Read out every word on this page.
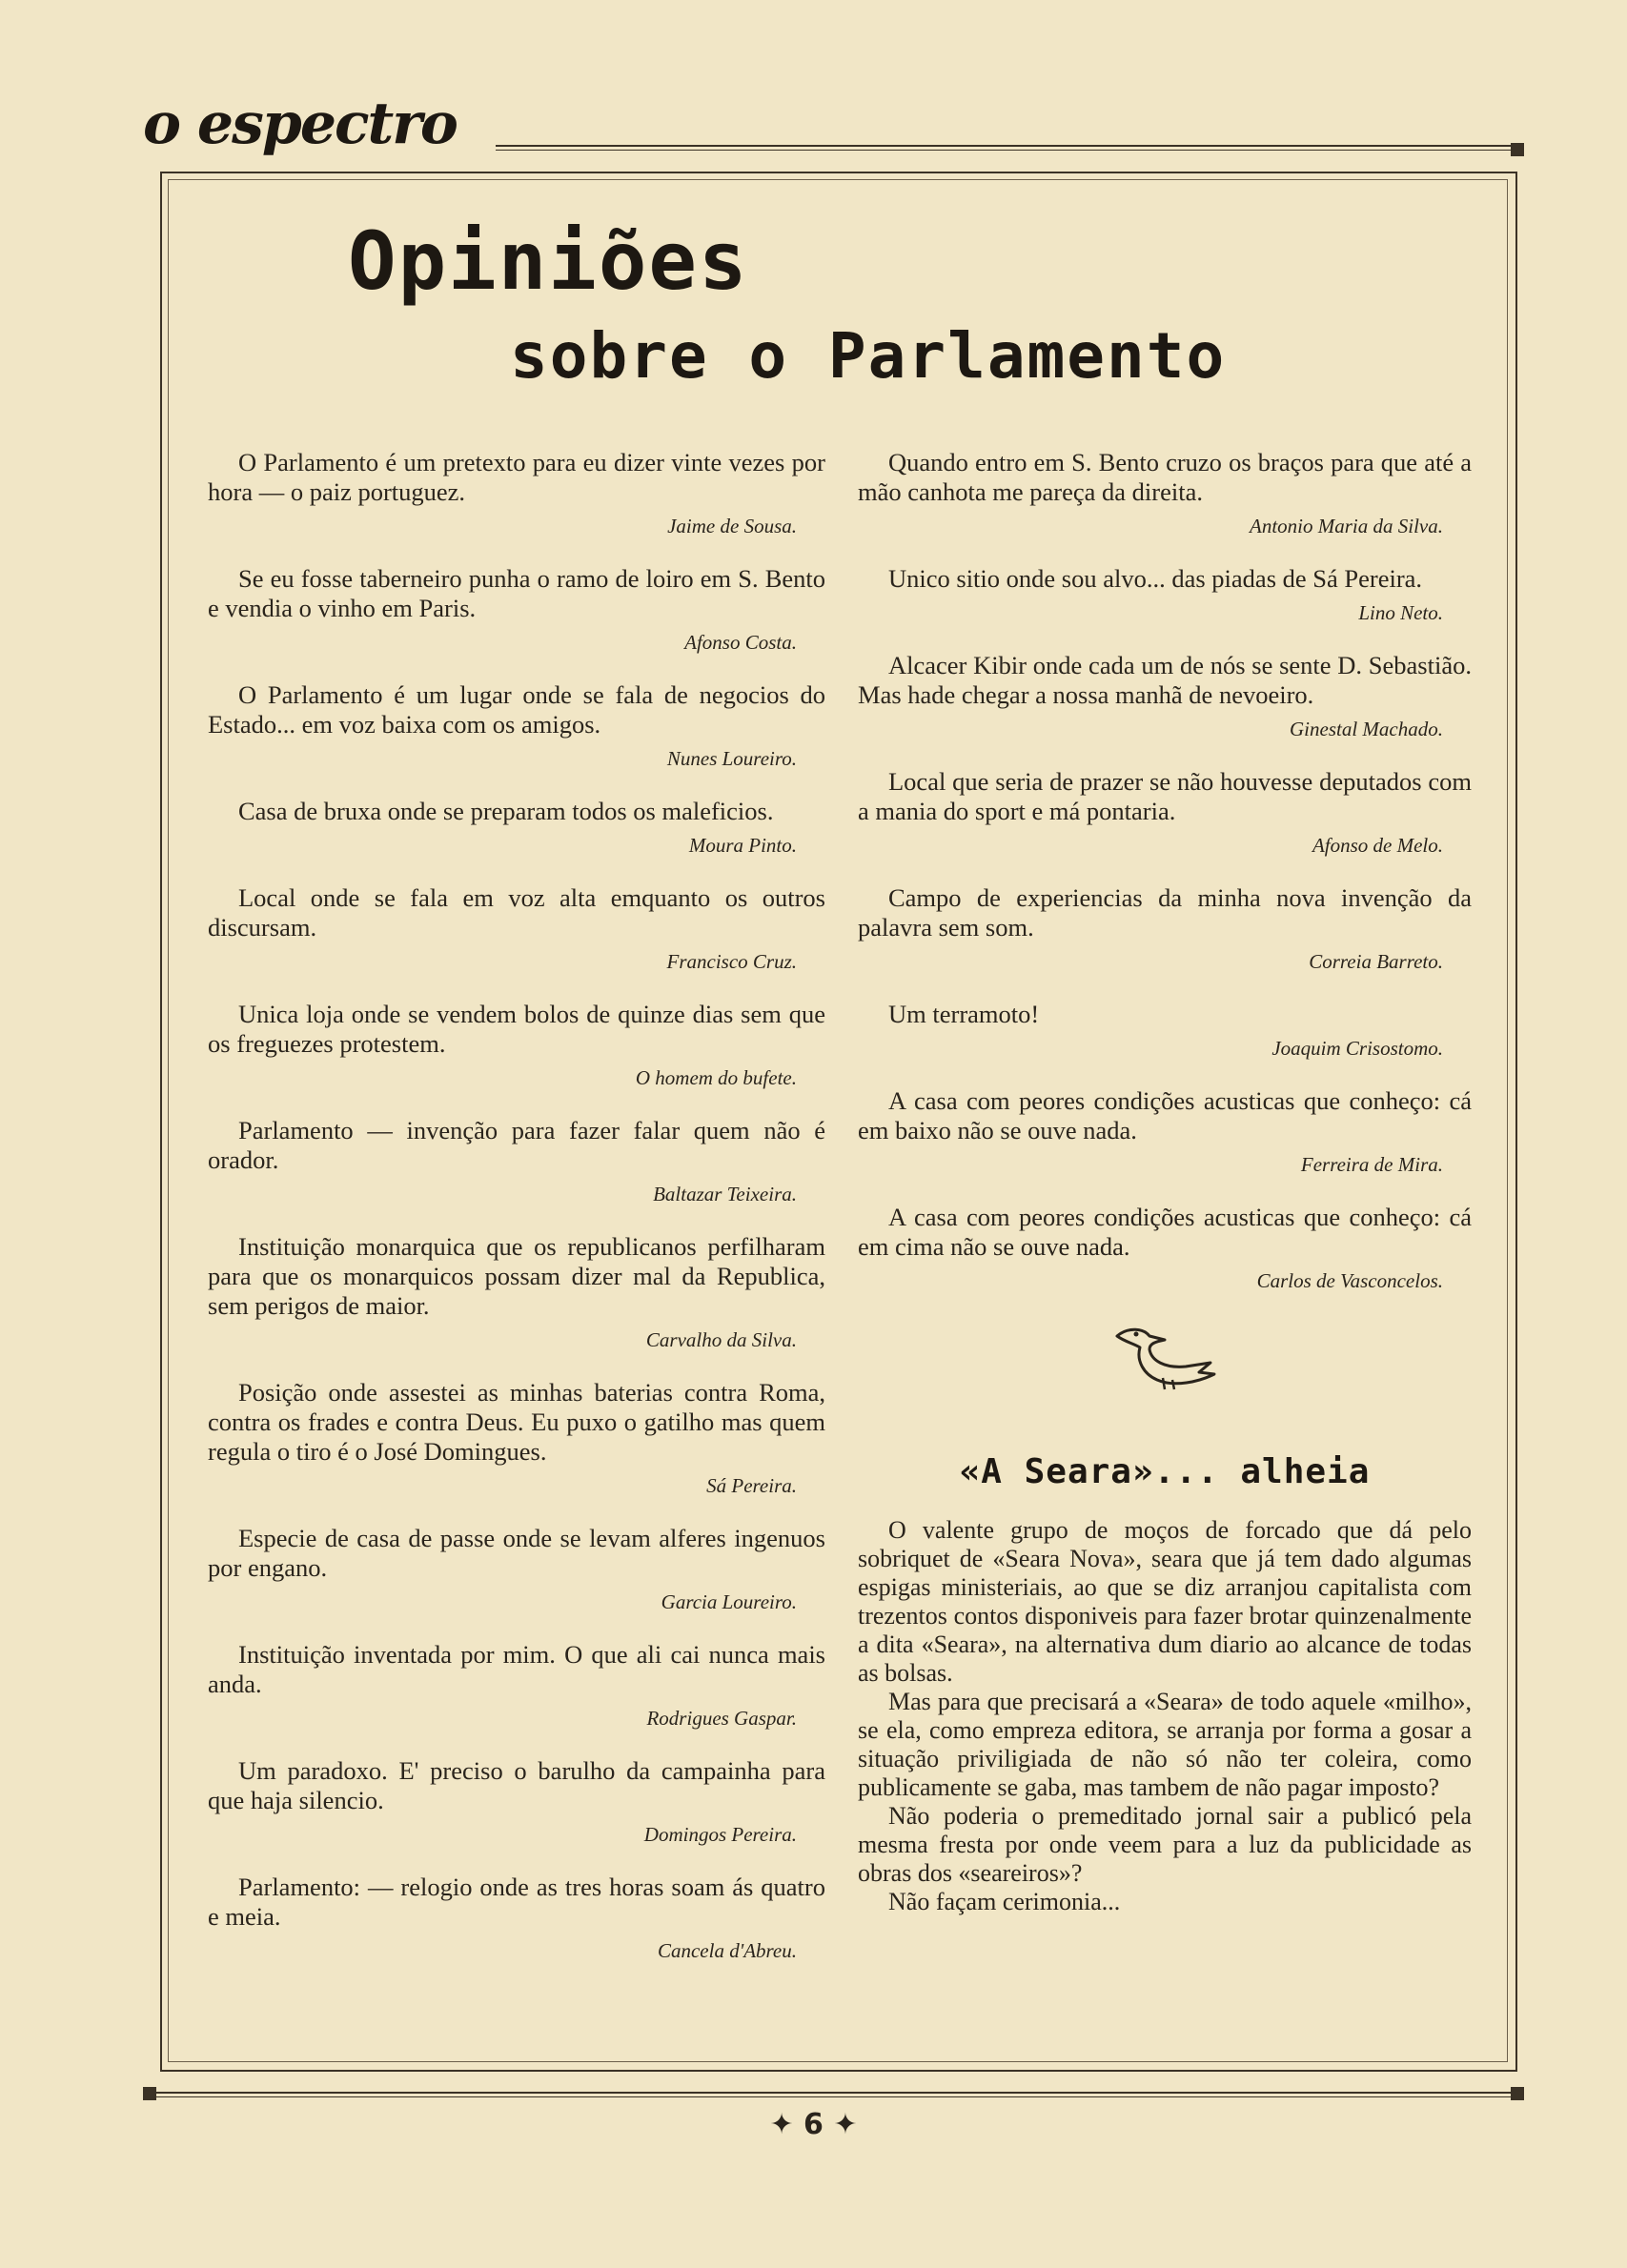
o espectro
Opiniões
sobre o Parlamento

O Parlamento é um pretexto para eu dizer vinte vezes por hora — o paiz portuguez.

Jaime de Sousa.

Se eu fosse taberneiro punha o ramo de loiro em S. Bento e vendia o vinho em Paris.

Afonso Costa.

O Parlamento é um lugar onde se fala de negocios do Estado... em voz baixa com os amigos.

Nunes Loureiro.

Casa de bruxa onde se preparam todos os maleficios.

Moura Pinto.

Local onde se fala em voz alta emquanto os outros discursam.

Francisco Cruz.

Unica loja onde se vendem bolos de quinze dias sem que os freguezes protestem.

O homem do bufete.

Parlamento — invenção para fazer falar quem não é orador.

Baltazar Teixeira.

Instituição monarquica que os republicanos perfilharam para que os monarquicos possam dizer mal da Republica, sem perigos de maior.

Carvalho da Silva.

Posição onde assestei as minhas baterias contra Roma, contra os frades e contra Deus. Eu puxo o gatilho mas quem regula o tiro é o José Domingues.

Sá Pereira.

Especie de casa de passe onde se levam alferes ingenuos por engano.

Garcia Loureiro.

Instituição inventada por mim. O que ali cai nunca mais anda.

Rodrigues Gaspar.

Um paradoxo. E' preciso o barulho da campainha para que haja silencio.

Domingos Pereira.

Parlamento: — relogio onde as tres horas soam ás quatro e meia.

Cancela d'Abreu.

Quando entro em S. Bento cruzo os braços para que até a mão canhota me pareça da direita.

Antonio Maria da Silva.

Unico sitio onde sou alvo... das piadas de Sá Pereira.

Lino Neto.

Alcacer Kibir onde cada um de nós se sente D. Sebastião. Mas hade chegar a nossa manhã de nevoeiro.

Ginestal Machado.

Local que seria de prazer se não houvesse deputados com a mania do sport e má pontaria.

Afonso de Melo.

Campo de experiencias da minha nova invenção da palavra sem som.

Correia Barreto.

Um terramoto!

Joaquim Crisostomo.

A casa com peores condições acusticas que conheço: cá em baixo não se ouve nada.

Ferreira de Mira.

A casa com peores condições acusticas que conheço: cá em cima não se ouve nada.

Carlos de Vasconcelos.
«A Seara»... alheia

O valente grupo de moços de forcado que dá pelo sobriquet de «Seara Nova», seara que já tem dado algumas espigas ministeriais, ao que se diz arranjou capitalista com trezentos contos disponiveis para fazer brotar quinzenalmente a dita «Seara», na alternativa dum diario ao alcance de todas as bolsas.

Mas para que precisará a «Seara» de todo aquele «milho», se ela, como empreza editora, se arranja por forma a gosar a situação priviligiada de não só não ter coleira, como publicamente se gaba, mas tambem de não pagar imposto?

Não poderia o premeditado jornal sair a publicó pela mesma fresta por onde veem para a luz da publicidade as obras dos «seareiros»?

Não façam cerimonia...

✦ 6 ✦
